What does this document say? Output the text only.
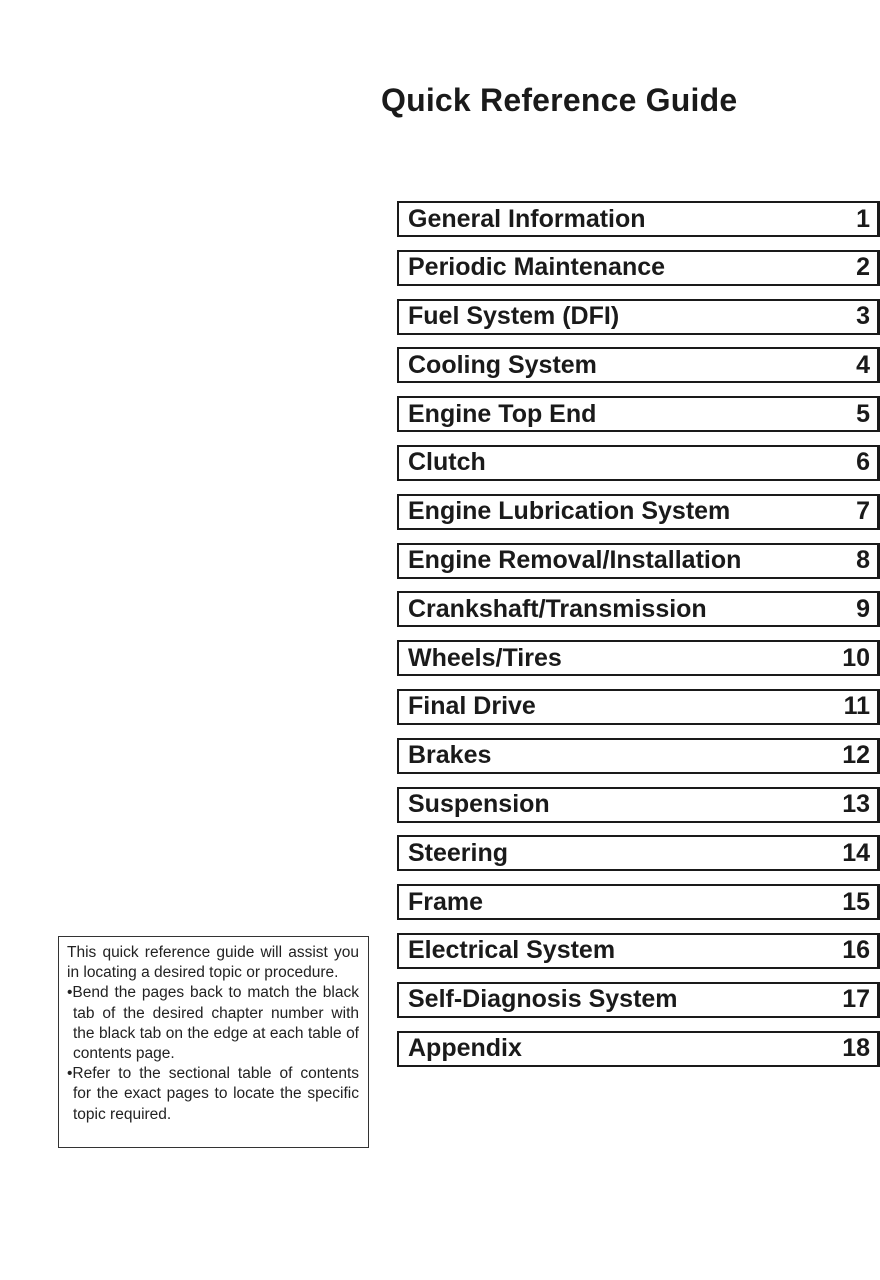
Quick Reference Guide
General Information	1
Periodic Maintenance	2
Fuel System (DFI)	3
Cooling System	4
Engine Top End	5
Clutch	6
Engine Lubrication System	7
Engine Removal/Installation	8
Crankshaft/Transmission	9
Wheels/Tires	10
Final Drive	11
Brakes	12
Suspension	13
Steering	14
Frame	15
Electrical System	16
Self-Diagnosis System	17
Appendix	18

This quick reference guide will assist you in locating a desired topic or procedure.

•Bend the pages back to match the black tab of the desired chapter number with the black tab on the edge at each table of contents page.

•Refer to the sectional table of contents for the exact pages to locate the specific topic required.
